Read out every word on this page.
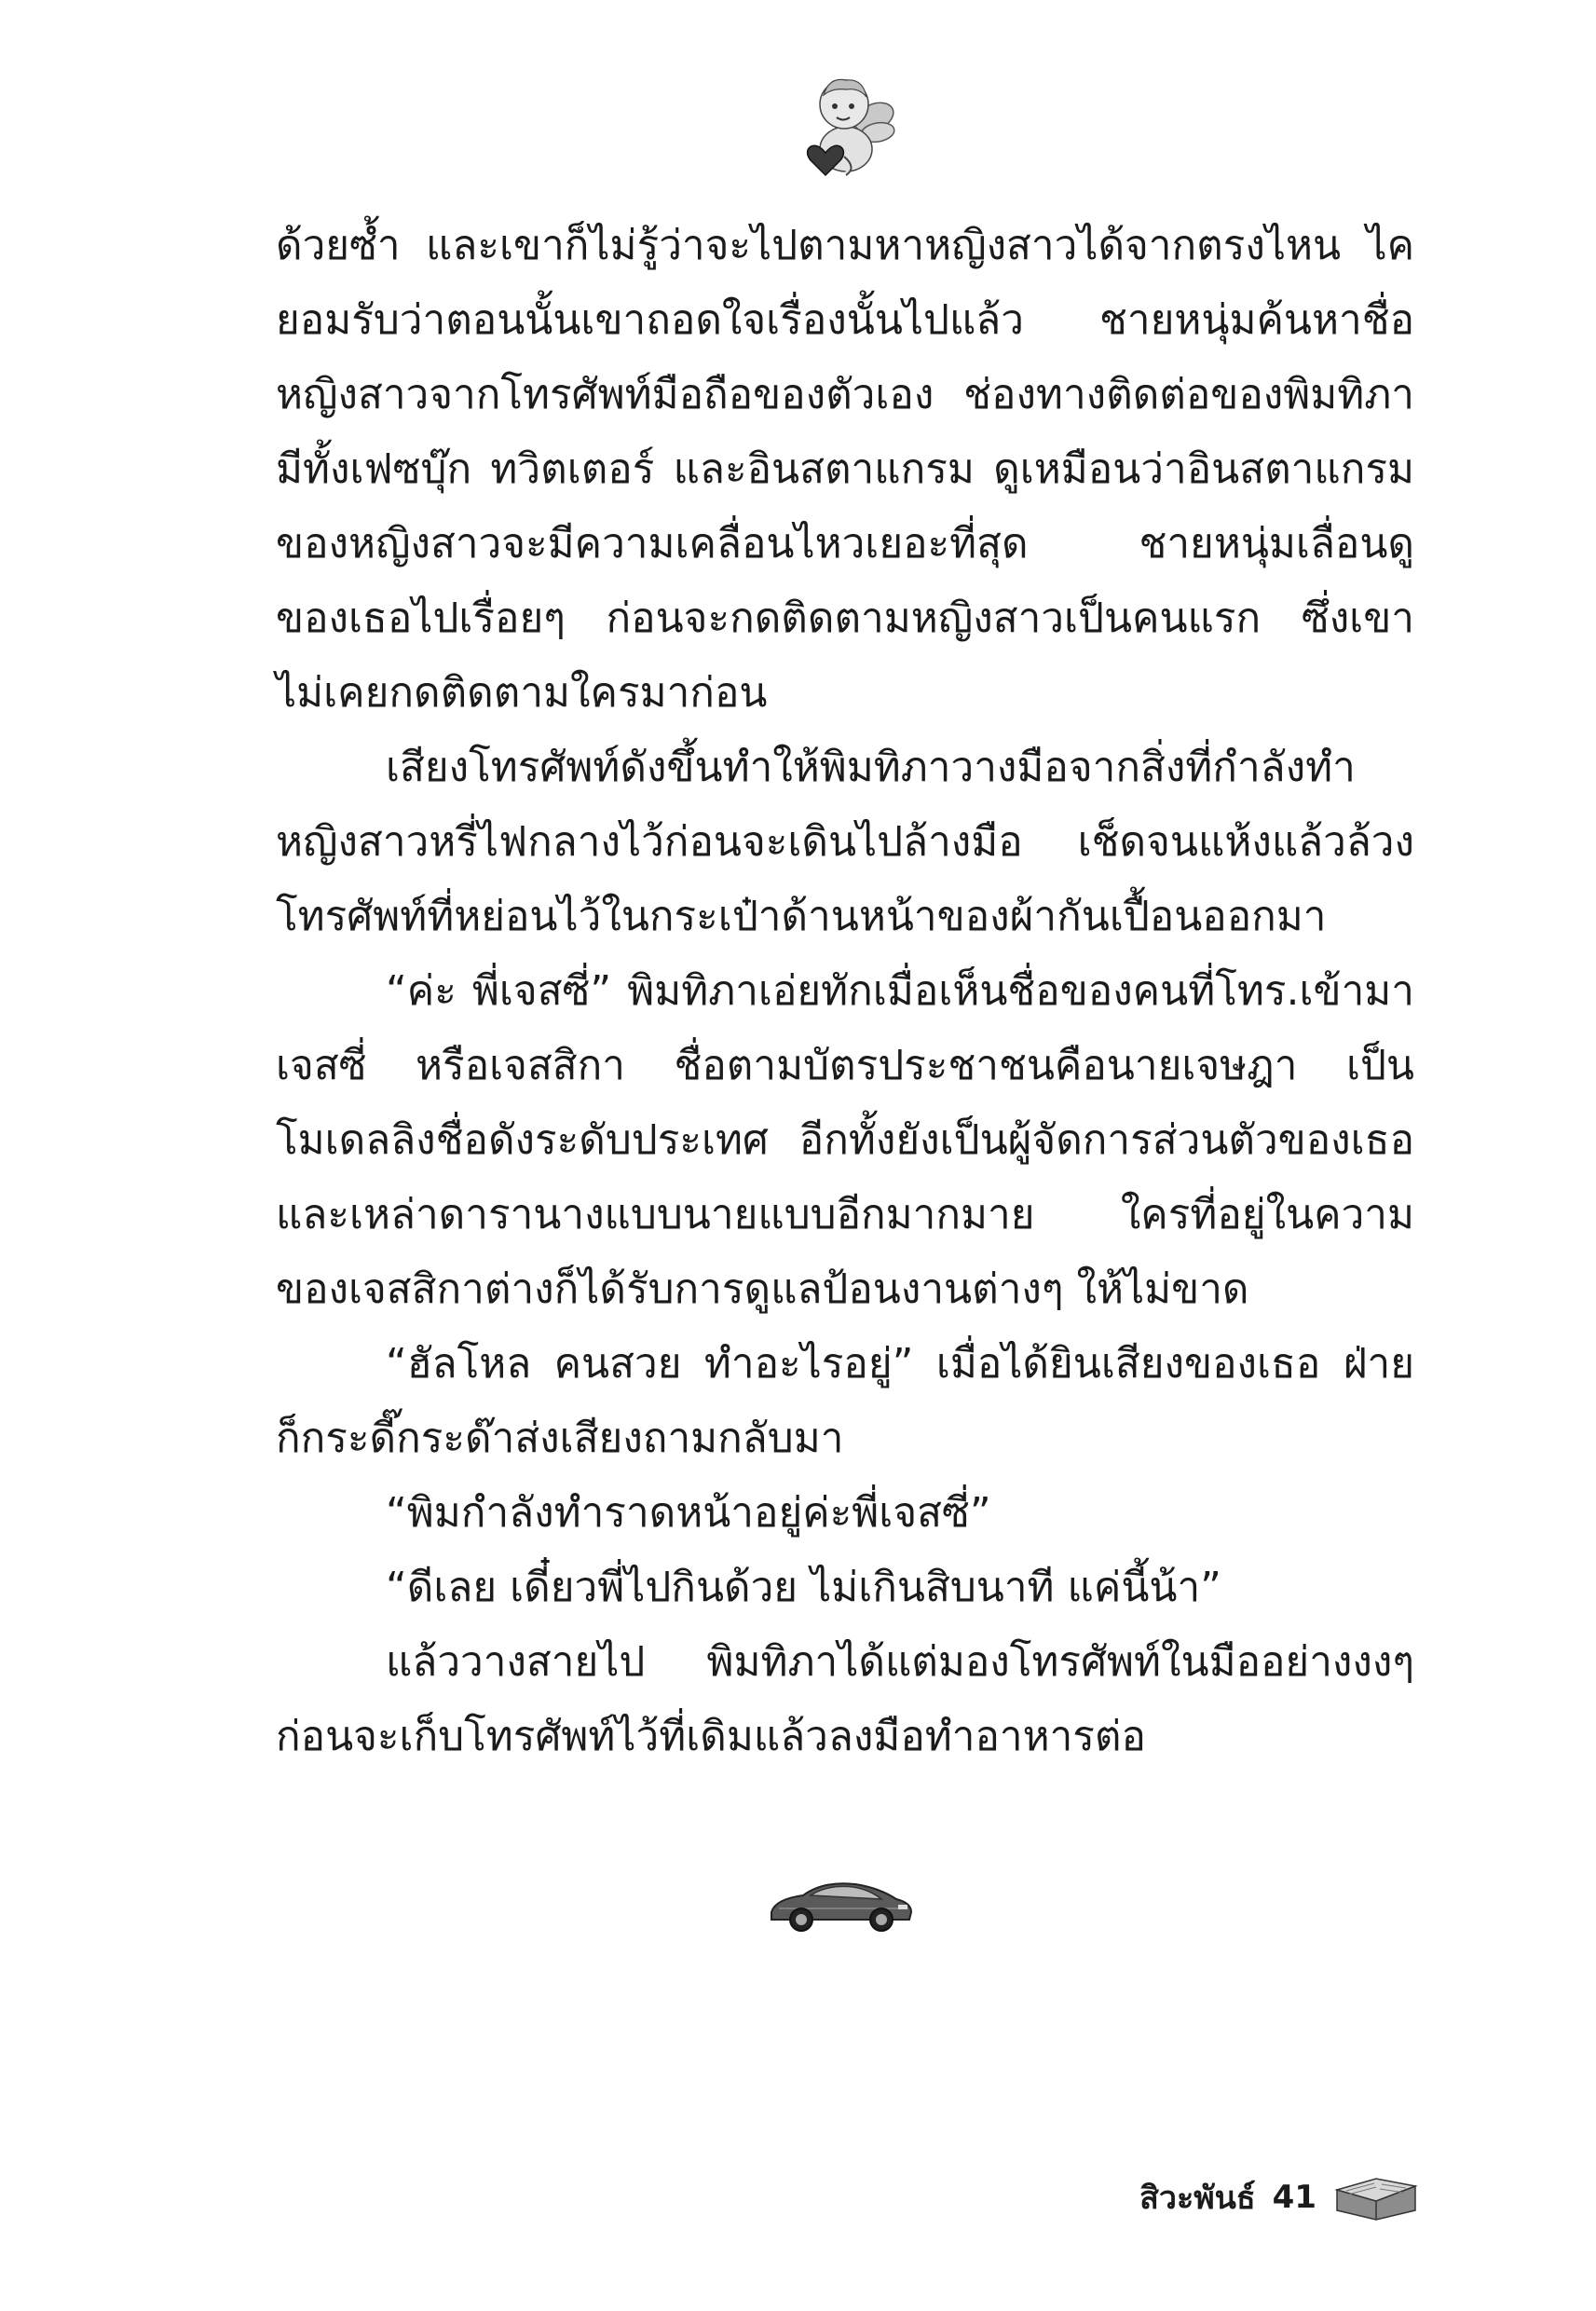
ด้วยซ้ำ และเขาก็ไม่รู้ว่าจะไปตามหาหญิงสาวได้จากตรงไหน ไค
ยอมรับว่าตอนนั้นเขาถอดใจเรื่องนั้นไปแล้ว ชายหนุ่มค้นหาชื่อ
หญิงสาวจากโทรศัพท์มือถือของตัวเอง ช่องทางติดต่อของพิมทิภา
มีทั้งเฟซบุ๊ก ทวิตเตอร์ และอินสตาแกรม ดูเหมือนว่าอินสตาแกรม
ของหญิงสาวจะมีความเคลื่อนไหวเยอะที่สุด ชายหนุ่มเลื่อนดู
ของเธอไปเรื่อยๆ ก่อนจะกดติดตามหญิงสาวเป็นคนแรก ซึ่งเขา
ไม่เคยกดติดตามใครมาก่อน
เสียงโทรศัพท์ดังขึ้นทำให้พิมทิภาวางมือจากสิ่งที่กำลังทำ
หญิงสาวหรี่ไฟกลางไว้ก่อนจะเดินไปล้างมือ เช็ดจนแห้งแล้วล้วง
โทรศัพท์ที่หย่อนไว้ในกระเป๋าด้านหน้าของผ้ากันเปื้อนออกมา
“ค่ะ พี่เจสซี่” พิมทิภาเอ่ยทักเมื่อเห็นชื่อของคนที่โทร.เข้ามา
เจสซี่ หรือเจสสิกา ชื่อตามบัตรประชาชนคือนายเจษฎา เป็น
โมเดลลิงชื่อดังระดับประเทศ อีกทั้งยังเป็นผู้จัดการส่วนตัวของเธอ
และเหล่าดารานางแบบนายแบบอีกมากมาย ใครที่อยู่ในความ
ของเจสสิกาต่างก็ได้รับการดูแลป้อนงานต่างๆ ให้ไม่ขาด
“ฮัลโหล คนสวย ทำอะไรอยู่” เมื่อได้ยินเสียงของเธอ ฝ่าย
ก็กระดี๊กระด๊าส่งเสียงถามกลับมา
“พิมกำลังทำราดหน้าอยู่ค่ะพี่เจสซี่”
“ดีเลย เดี๋ยวพี่ไปกินด้วย ไม่เกินสิบนาที แค่นี้น้า”
แล้ววางสายไป พิมทิภาได้แต่มองโทรศัพท์ในมืออย่างงงๆ
ก่อนจะเก็บโทรศัพท์ไว้ที่เดิมแล้วลงมือทำอาหารต่อ
สิวะพันธ์ 41
